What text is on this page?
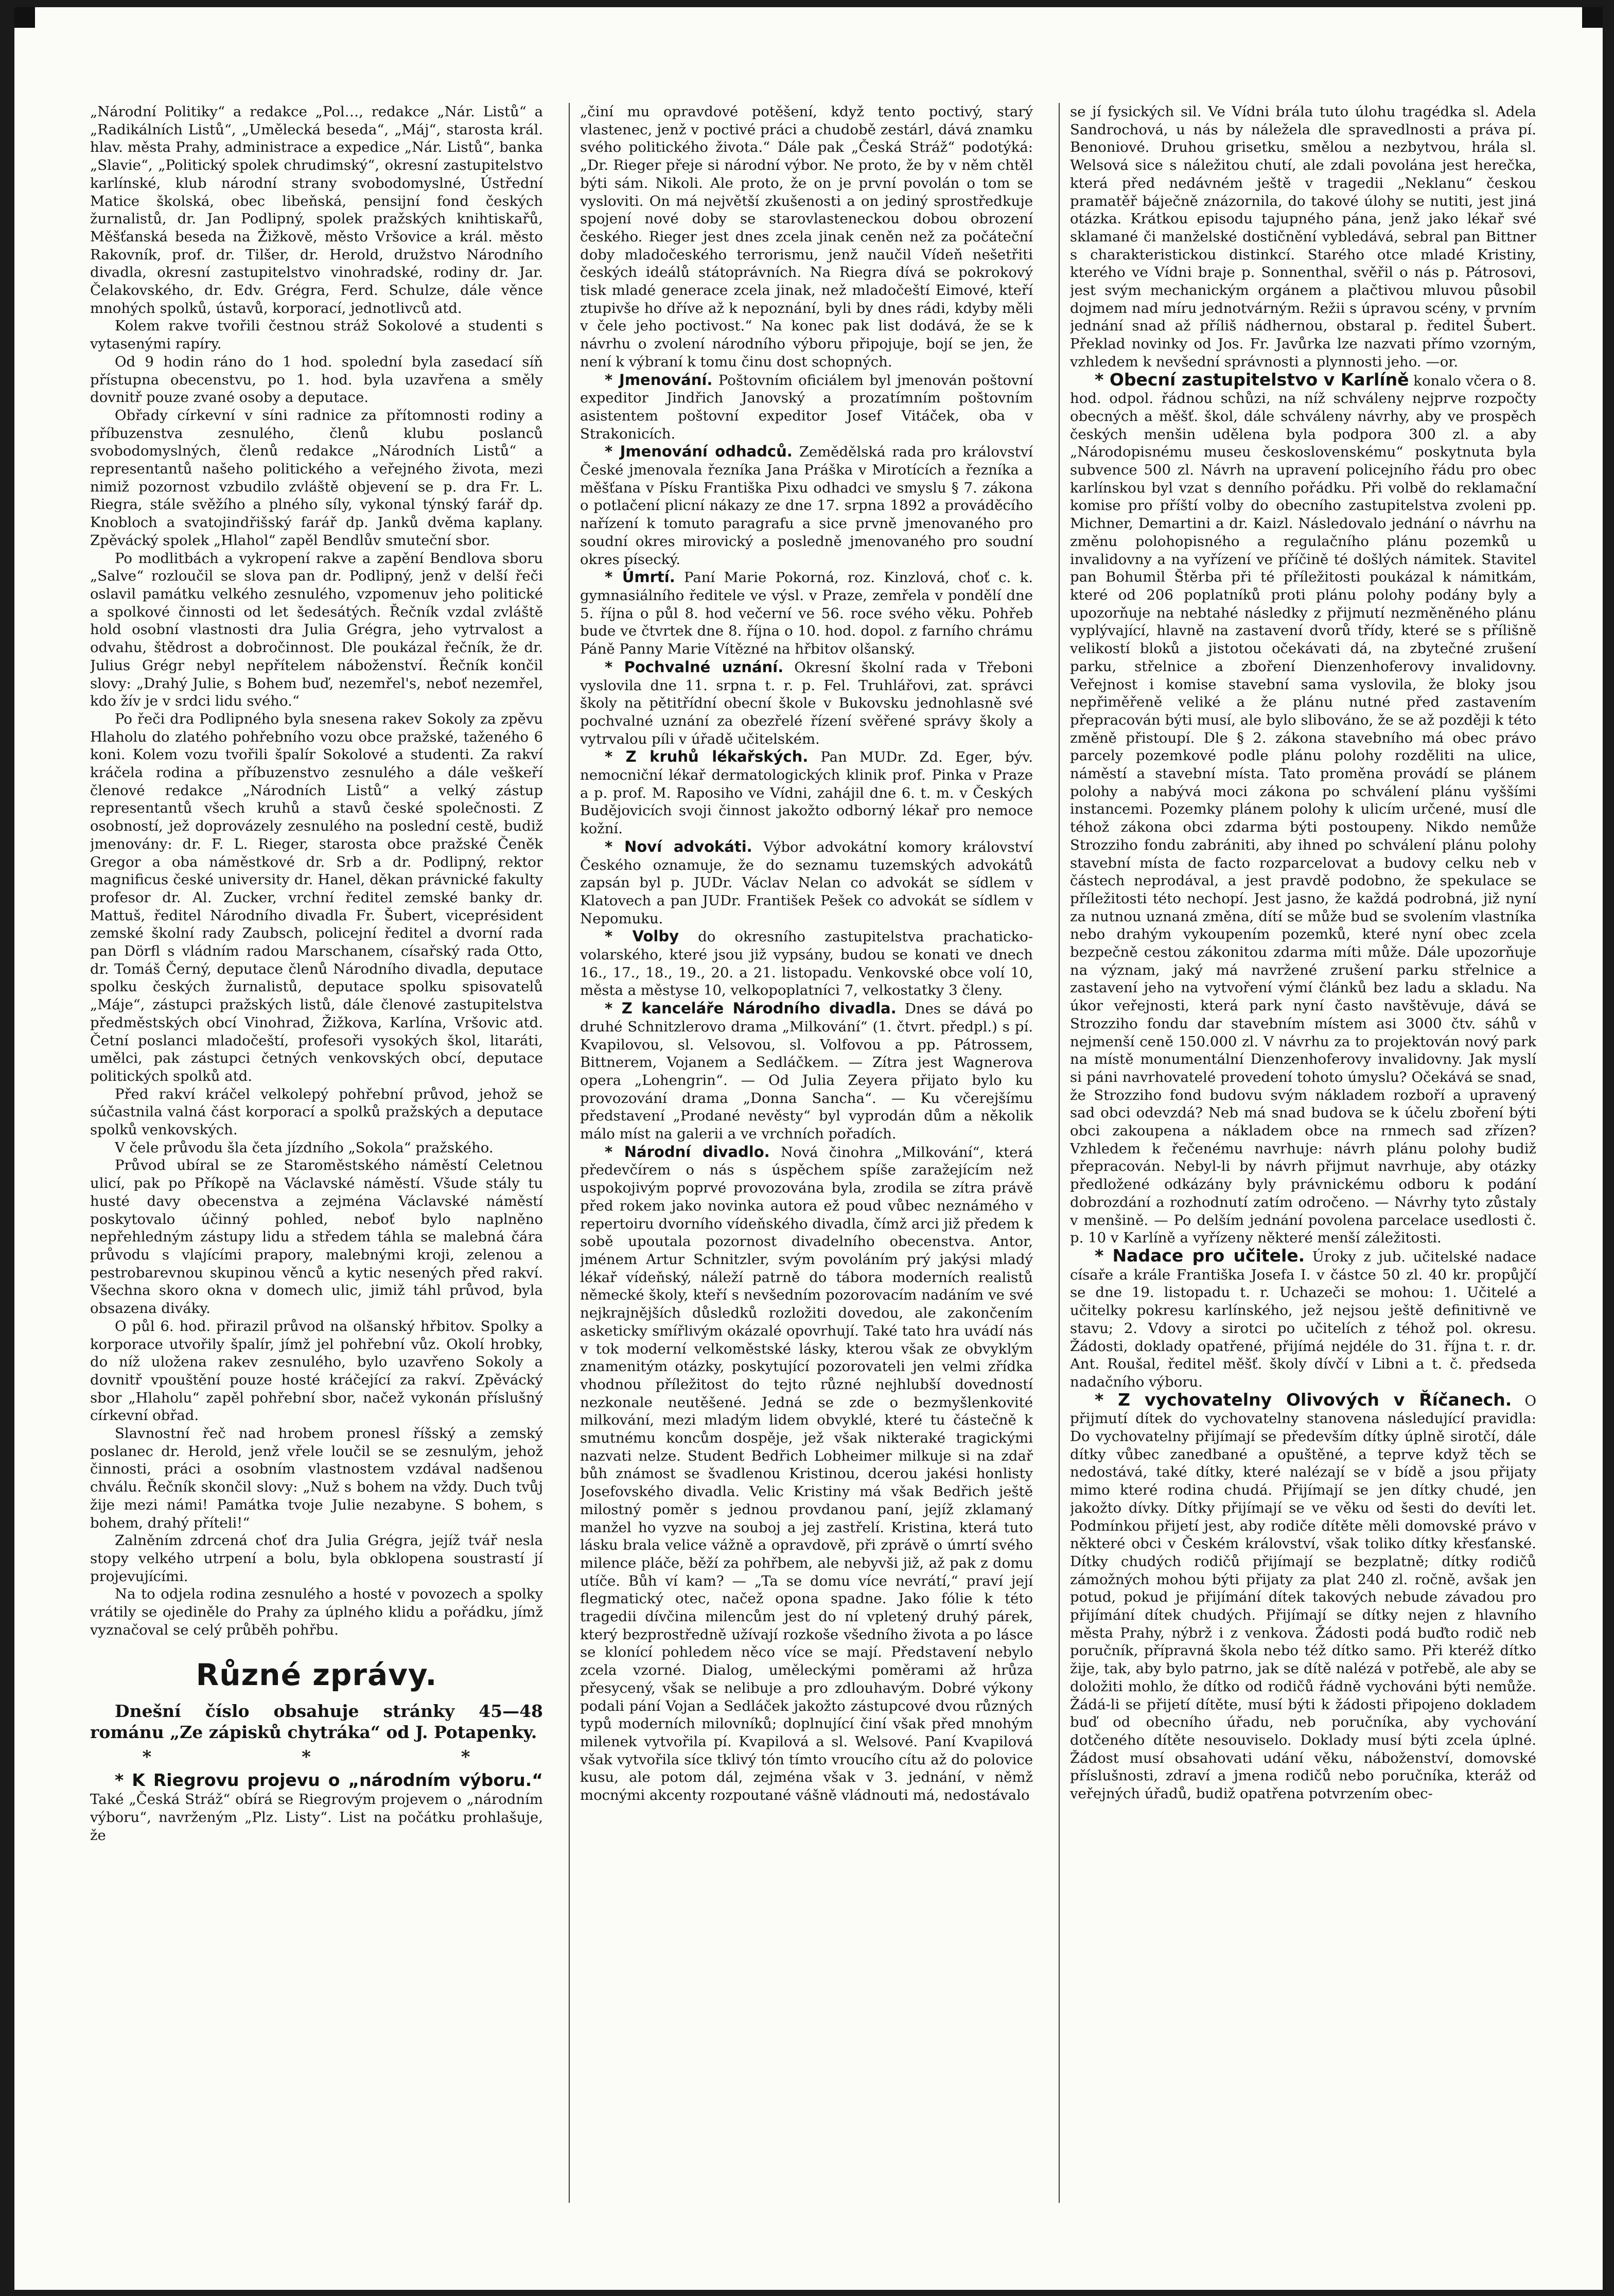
„Národní Politiky“ a redakce „Pol…, redakce „Nár. Listů“ a „Radikálních Listů“, „Umělecká beseda“, „Máj“, starosta král. hlav. města Prahy, administrace a expedice „Nár. Listů“, banka „Slavie“, „Politický spolek chrudimský“, okresní zastupitelstvo karlínské, klub národní strany svobodomyslné, Ústřední Matice školská, obec libeňská, pensijní fond českých žurnalistů, dr. Jan Podlipný, spolek pražských knihtiskařů, Měšťanská beseda na Žižkově, město Vršovice a král. město Rakovník, prof. dr. Tilšer, dr. Herold, družstvo Národního divadla, okresní zastupitelstvo vinohradské, rodiny dr. Jar. Čelakovského, dr. Edv. Grégra, Ferd. Schulze, dále věnce mnohých spolků, ústavů, korporací, jednotlivců atd.

Kolem rakve tvořili čestnou stráž Sokolové a studenti s vytasenými rapíry.

Od 9 hodin ráno do 1 hod. spolední byla zasedací síň přístupna obecenstvu, po 1. hod. byla uzavřena a směly dovnitř pouze zvané osoby a deputace.

Obřady církevní v síni radnice za přítomnosti rodiny a příbuzenstva zesnulého, členů klubu poslanců svobodomyslných, členů redakce „Národních Listů“ a representantů našeho politického a veřejného života, mezi nimiž pozornost vzbudilo zvláště objevení se p. dra Fr. L. Riegra, stále svěžího a plného síly, vykonal týnský farář dp. Knobloch a svatojindřišský farář dp. Janků dvěma kaplany. Zpěvácký spolek „Hlahol“ zapěl Bendlův smuteční sbor.

Po modlitbách a vykropení rakve a zapění Bendlova sboru „Salve“ rozloučil se slova pan dr. Podlipný, jenž v delší řeči oslavil památku velkého zesnulého, vzpomenuv jeho politické a spolkové činnosti od let šedesátých. Řečník vzdal zvláště hold osobní vlastnosti dra Julia Grégra, jeho vytrvalost a odvahu, štědrost a dobročinnost. Dle poukázal řečník, že dr. Julius Grégr nebyl nepřítelem náboženství. Řečník končil slovy: „Drahý Julie, s Bohem buď, nezemřel's, neboť nezemřel, kdo žív je v srdci lidu svého.“

Po řeči dra Podlipného byla snesena rakev Sokoly za zpěvu Hlaholu do zlatého pohřebního vozu obce pražské, taženého 6 koni. Kolem vozu tvořili špalír Sokolové a studenti. Za rakví kráčela rodina a příbuzenstvo zesnulého a dále veškeří členové redakce „Národních Listů“ a velký zástup representantů všech kruhů a stavů české společnosti. Z osobností, jež doprovázely zesnulého na poslední cestě, budiž jmenovány: dr. F. L. Rieger, starosta obce pražské Čeněk Gregor a oba náměstkové dr. Srb a dr. Podlipný, rektor magnificus české university dr. Hanel, děkan právnické fakulty profesor dr. Al. Zucker, vrchní ředitel zemské banky dr. Mattuš, ředitel Národního divadla Fr. Šubert, viceprésident zemské školní rady Zaubsch, policejní ředitel a dvorní rada pan Dörfl s vládním radou Marschanem, císařský rada Otto, dr. Tomáš Černý, deputace členů Národního divadla, deputace spolku českých žurnalistů, deputace spolku spisovatelů „Máje“, zástupci pražských listů, dále členové zastupitelstva předměstských obcí Vinohrad, Žižkova, Karlína, Vršovic atd. Četní poslanci mladočeští, profesoři vysokých škol, litaráti, umělci, pak zástupci četných venkovských obcí, deputace politických spolků atd.

Před rakví kráčel velkolepý pohřební průvod, jehož se súčastnila valná část korporací a spolků pražských a deputace spolků venkovských.

V čele průvodu šla četa jízdního „Sokola“ pražského.

Průvod ubíral se ze Staroměstského náměstí Celetnou ulicí, pak po Příkopě na Václavské náměstí. Všude stály tu husté davy obecenstva a zejména Václavské náměstí poskytovalo účinný pohled, neboť bylo naplněno nepřehledným zástupy lidu a středem táhla se malebná čára průvodu s vlajícími prapory, malebnými kroji, zelenou a pestrobarevnou skupinou věnců a kytic nesených před rakví. Všechna skoro okna v domech ulic, jimiž táhl průvod, byla obsazena diváky.

O půl 6. hod. přirazil průvod na olšanský hřbitov. Spolky a korporace utvořily špalír, jímž jel pohřební vůz. Okolí hrobky, do níž uložena rakev zesnulého, bylo uzavřeno Sokoly a dovnitř vpouštění pouze hosté kráčející za rakví. Zpěvácký sbor „Hlaholu“ zapěl pohřební sbor, načež vykonán příslušný církevní obřad.

Slavnostní řeč nad hrobem pronesl říšský a zemský poslanec dr. Herold, jenž vřele loučil se se zesnulým, jehož činnosti, práci a osobním vlastnostem vzdával nadšenou chválu. Řečník skončil slovy: „Nuž s bohem na vždy. Duch tvůj žije mezi námi! Památka tvoje Julie nezabyne. S bohem, s bohem, drahý příteli!“

Zalněním zdrcená choť dra Julia Grégra, jejíž tvář nesla stopy velkého utrpení a bolu, byla obklopena soustrastí jí projevujícími.

Na to odjela rodina zesnulého a hosté v povozech a spolky vrátily se ojediněle do Prahy za úplného klidu a pořádku, jímž vyznačoval se celý průběh pohřbu.

Různé zprávy.

Dnešní číslo obsahuje stránky 45—48 románu „Ze zápisků chytráka“ od J. Potapenky.

* * *

* K Riegrovu projevu o „národním výboru.“ Také „Česká Stráž“ obírá se Riegrovým projevem o „národním výboru“, navrženým „Plz. Listy“. List na počátku prohlašuje, že

„činí mu opravdové potěšení, když tento poctivý, starý vlastenec, jenž v poctivé práci a chudobě zestárl, dává znamku svého politického života.“ Dále pak „Česká Stráž“ podotýká: „Dr. Rieger přeje si národní výbor. Ne proto, že by v něm chtěl býti sám. Nikoli. Ale proto, že on je první povolán o tom se vysloviti. On má největší zkušenosti a on jediný sprostředkuje spojení nové doby se starovlasteneckou dobou obrození českého. Rieger jest dnes zcela jinak ceněn než za počáteční doby mladočeského terrorismu, jenž naučil Vídeň nešetřiti českých ideálů státoprávních. Na Riegra dívá se pokrokový tisk mladé generace zcela jinak, než mladočeští Eimové, kteří ztupivše ho dříve až k nepoznání, byli by dnes rádi, kdyby měli v čele jeho poctivost.“ Na konec pak list dodává, že se k návrhu o zvolení národního výboru připojuje, bojí se jen, že není k výbraní k tomu činu dost schopných.

* Jmenování. Poštovním oficiálem byl jmenován poštovní expeditor Jindřich Janovský a prozatímním poštovním asistentem poštovní expeditor Josef Vitáček, oba v Strakonicích.

* Jmenování odhadců. Zemědělská rada pro království České jmenovala řezníka Jana Práška v Mirotících a řezníka a měšťana v Písku Františka Pixu odhadci ve smyslu § 7. zákona o potlačení plicní nákazy ze dne 17. srpna 1892 a prováděcího nařízení k tomuto paragrafu a sice prvně jmenovaného pro soudní okres mirovický a posledně jmenovaného pro soudní okres písecký.

* Úmrtí. Paní Marie Pokorná, roz. Kinzlová, choť c. k. gymnasiálního ředitele ve výsl. v Praze, zemřela v pondělí dne 5. října o půl 8. hod večerní ve 56. roce svého věku. Pohřeb bude ve čtvrtek dne 8. října o 10. hod. dopol. z farního chrámu Páně Panny Marie Vítězné na hřbitov olšanský.

* Pochvalné uznání. Okresní školní rada v Třeboni vyslovila dne 11. srpna t. r. p. Fel. Truhlářovi, zat. správci školy na pětitřídní obecní škole v Bukovsku jednohlasně své pochvalné uznání za obezřelé řízení svěřené správy školy a vytrvalou píli v úřadě učitelském.

* Z kruhů lékařských. Pan MUDr. Zd. Eger, býv. nemocniční lékař dermatologických klinik prof. Pinka v Praze a p. prof. M. Raposiho ve Vídni, zahájil dne 6. t. m. v Českých Budějovicích svoji činnost jakožto odborný lékař pro nemoce kožní.

* Noví advokáti. Výbor advokátní komory království Českého oznamuje, že do seznamu tuzemských advokátů zapsán byl p. JUDr. Václav Nelan co advokát se sídlem v Klatovech a pan JUDr. František Pešek co advokát se sídlem v Nepomuku.

* Volby do okresního zastupitelstva prachaticko-volarského, které jsou již vypsány, budou se konati ve dnech 16., 17., 18., 19., 20. a 21. listopadu. Venkovské obce volí 10, města a městyse 10, velkopoplatníci 7, velkostatky 3 členy.

* Z kanceláře Národního divadla. Dnes se dává po druhé Schnitzlerovo drama „Milkování“ (1. čtvrt. předpl.) s pí. Kvapilovou, sl. Velsovou, sl. Volfovou a pp. Pátrossem, Bittnerem, Vojanem a Sedláčkem. — Zítra jest Wagnerova opera „Lohengrin“. — Od Julia Zeyera přijato bylo ku provozování drama „Donna Sancha“. — Ku včerejšímu představení „Prodané nevěsty“ byl vyprodán dům a několik málo míst na galerii a ve vrchních pořadích.

* Národní divadlo. Nová činohra „Milkování“, která předevčírem o nás s úspěchem spíše zaražejícím než uspokojivým poprvé provozována byla, zrodila se zítra právě před rokem jako novinka autora ež poud vůbec neznámého v repertoiru dvorního vídeňského divadla, čímž arci již předem k sobě upoutala pozornost divadelního obecenstva. Antor, jménem Artur Schnitzler, svým povoláním prý jakýsi mladý lékař vídeňský, náleží patrně do tábora moderních realistů německé školy, kteří s nevšedním pozorovacím nadáním ve své nejkrajnějších důsledků rozložiti dovedou, ale zakončením asketicky smířlivým okázalé opovrhují. Také tato hra uvádí nás v tok moderní velkoměstské lásky, kterou však ze obvyklým znamenitým otázky, poskytující pozorovateli jen velmi zřídka vhodnou příležitost do tejto různé nejhlubší dovedností nezkonale neutěšené. Jedná se zde o bezmyšlenkovité milkování, mezi mladým lidem obvyklé, které tu částečně k smutnému koncům dospěje, jež však nikteraké tragickými nazvati nelze. Student Bedřich Lobheimer milkuje si na zdař bůh známost se švadlenou Kristinou, dcerou jakési honlisty Josefovského divadla. Velic Kristiny má však Bedřich ještě milostný poměr s jednou provdanou paní, jejíž zklamaný manžel ho vyzve na souboj a jej zastřelí. Kristina, která tuto lásku brala velice vážně a opravdově, při zprávě o úmrtí svého milence pláče, běží za pohřbem, ale nebyvši již, až pak z domu utíče. Bůh ví kam? — „Ta se domu více nevrátí,“ praví její flegmatický otec, načež opona spadne. Jako fólie k této tragedii dívčina milencům jest do ní vpletený druhý párek, který bezprostředně užívají rozkoše všedního života a po lásce se klonící pohledem něco více se mají. Představení nebylo zcela vzorné. Dialog, uměleckými poměrami až hrůza přesycený, však se nelibuje a pro zdlouhavým. Dobré výkony podali pání Vojan a Sedláček jakožto zástupcové dvou různých typů moderních milovníků; doplnující činí však před mnohým milenek vytvořila pí. Kvapilová a sl. Welsové. Paní Kvapilová však vytvořila síce tklivý tón tímto vroucího cítu až do polovice kusu, ale potom dál, zejména však v 3. jednání, v němž mocnými akcenty rozpoutané vášně vládnouti má, nedostávalo

se jí fysických sil. Ve Vídni brála tuto úlohu tragédka sl. Adela Sandrochová, u nás by náležela dle spravedlnosti a práva pí. Benoniové. Druhou grisetku, smělou a nezbytvou, hrála sl. Welsová sice s náležitou chutí, ale zdali povolána jest herečka, která před nedávném ještě v tragedii „Neklanu“ českou pramatěř báječně znázornila, do takové úlohy se nutiti, jest jiná otázka. Krátkou episodu tajupného pána, jenž jako lékař své sklamané či manželské dostičnění vybledává, sebral pan Bittner s charakteristickou distinkcí. Starého otce mladé Kristiny, kterého ve Vídni braje p. Sonnenthal, svěřil o nás p. Pátrosovi, jest svým mechanickým orgánem a plačtivou mluvou působil dojmem nad míru jednotvárným. Režii s úpravou scény, v prvním jednání snad až příliš nádhernou, obstaral p. ředitel Šubert. Překlad novinky od Jos. Fr. Javůrka lze nazvati přímo vzorným, vzhledem k nevšední správnosti a plynnosti jeho. —or.

* Obecní zastupitelstvo v Karlíně konalo včera o 8. hod. odpol. řádnou schůzi, na níž schváleny nejprve rozpočty obecných a měšť. škol, dále schváleny návrhy, aby ve prospěch českých menšin udělena byla podpora 300 zl. a aby „Národopisnému museu československému“ poskytnuta byla subvence 500 zl. Návrh na upravení policejního řádu pro obec karlínskou byl vzat s denního pořádku. Při volbě do reklamační komise pro příští volby do obecního zastupitelstva zvoleni pp. Michner, Demartini a dr. Kaizl. Následovalo jednání o návrhu na změnu polohopisného a regulačního plánu pozemků u invalidovny a na vyřízení ve příčině té došlých námitek. Stavitel pan Bohumil Štěrba při té příležitosti poukázal k námitkám, které od 206 poplatníků proti plánu polohy podány byly a upozorňuje na nebtahé následky z přijmutí nezměněného plánu vyplývající, hlavně na zastavení dvorů třídy, které se s přílišně velikostí bloků a jistotou očekávati dá, na zbytečné zrušení parku, střelnice a zboření Dienzenhoferovy invalidovny. Veřejnost i komise stavební sama vyslovila, že bloky jsou nepřiměřeně veliké a že plánu nutné před zastavením přepracován býti musí, ale bylo slibováno, že se až později k této změně přistoupí. Dle § 2. zákona stavebního má obec právo parcely pozemkové podle plánu polohy rozděliti na ulice, náměstí a stavební místa. Tato proměna provádí se plánem polohy a nabývá moci zákona po schválení plánu vyššími instancemi. Pozemky plánem polohy k ulicím určené, musí dle téhož zákona obci zdarma býti postoupeny. Nikdo nemůže Strozziho fondu zabrániti, aby ihned po schválení plánu polohy stavební místa de facto rozparcelovat a budovy celku neb v částech neprodával, a jest pravdě podobno, že spekulace se příležitosti této nechopí. Jest jasno, že každá podrobná, již nyní za nutnou uznaná změna, dítí se může bud se svolením vlastníka nebo drahým vykoupením pozemků, které nyní obec zcela bezpečně cestou zákonitou zdarma míti může. Dále upozorňuje na význam, jaký má navržené zrušení parku střelnice a zastavení jeho na vytvoření výmí článků bez ladu a skladu. Na úkor veřejnosti, která park nyní často navštěvuje, dává se Strozziho fondu dar stavebním místem asi 3000 čtv. sáhů v nejmenší ceně 150.000 zl. V návrhu za to projektován nový park na místě monumentální Dienzenhoferovy invalidovny. Jak myslí si páni navrhovatelé provedení tohoto úmyslu? Očekává se snad, že Strozziho fond budovu svým nákladem rozboří a upravený sad obci odevzdá? Neb má snad budova se k účelu zboření býti obci zakoupena a nákladem obce na rnmech sad zřízen? Vzhledem k řečenému navrhuje: návrh plánu polohy budiž přepracován. Nebyl-li by návrh přijmut navrhuje, aby otázky předložené odkázány byly právnickému odboru k podání dobrozdání a rozhodnutí zatím odročeno. — Návrhy tyto zůstaly v menšině. — Po delším jednání povolena parcelace usedlosti č. p. 10 v Karlíně a vyřízeny některé menší záležitosti.

* Nadace pro učitele. Úroky z jub. učitelské nadace císaře a krále Františka Josefa I. v částce 50 zl. 40 kr. propůjčí se dne 19. listopadu t. r. Uchazeči se mohou: 1. Učitelé a učitelky pokresu karlínského, jež nejsou ještě definitivně ve stavu; 2. Vdovy a sirotci po učitelích z téhož pol. okresu. Žádosti, doklady opatřené, přijímá nejdéle do 31. října t. r. dr. Ant. Roušal, ředitel měšť. školy dívčí v Libni a t. č. předseda nadačního výboru.

* Z vychovatelny Olivových v Říčanech. O přijmutí dítek do vychovatelny stanovena následující pravidla: Do vychovatelny přijímají se především dítky úplně sirotčí, dále dítky vůbec zanedbané a opuštěné, a teprve když těch se nedostává, také dítky, které nalézají se v bídě a jsou přijaty mimo které rodina chudá. Přijímají se jen dítky chudé, jen jakožto dívky. Dítky přijímají se ve věku od šesti do devíti let. Podmínkou přijetí jest, aby rodiče dítěte měli domovské právo v některé obci v Českém království, však toliko dítky křesťanské. Dítky chudých rodičů přijímají se bezplatně; dítky rodičů zámožných mohou býti přijaty za plat 240 zl. ročně, avšak jen potud, pokud je přijímání dítek takových nebude závadou pro přijímání dítek chudých. Přijímají se dítky nejen z hlavního města Prahy, nýbrž i z venkova. Žádosti podá buďto rodič neb poručník, přípravná škola nebo též dítko samo. Při kteréž dítko žije, tak, aby bylo patrno, jak se dítě nalézá v potřebě, ale aby se doložiti mohlo, že dítko od rodičů řádně vychováni býti nemůže. Žádá-li se přijetí dítěte, musí býti k žádosti připojeno dokladem buď od obecního úřadu, neb poručníka, aby vychování dotčeného dítěte nesouviselo. Doklady musí býti zcela úplné. Žádost musí obsahovati udání věku, náboženství, domovské příslušnosti, zdraví a jmena rodičů nebo poručníka, kteráž od veřejných úřadů, budiž opatřena potvrzením obec-
